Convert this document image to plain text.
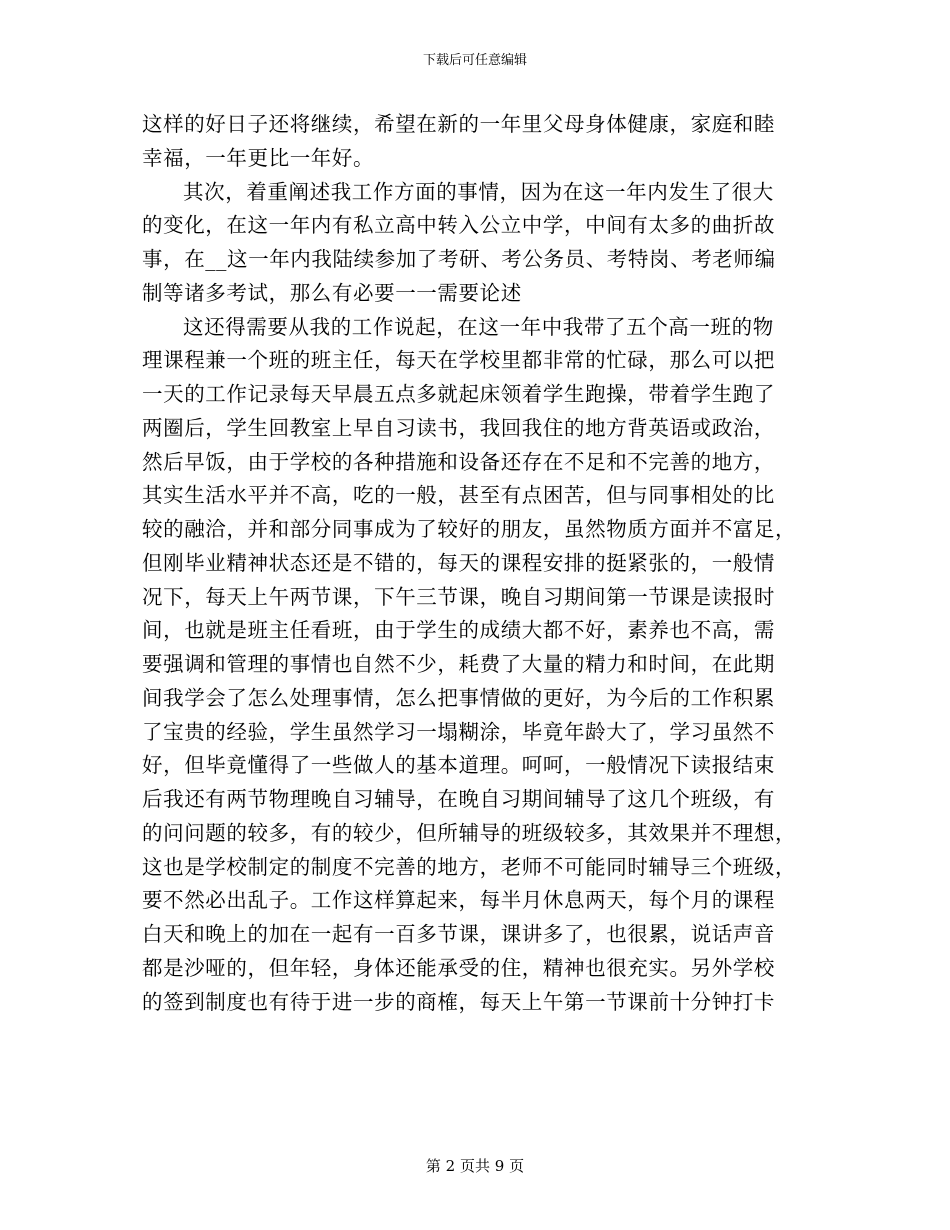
下载后可任意编辑
这样的好日子还将继续，希望在新的一年里父母身体健康，家庭和睦
幸福，一年更比一年好。
其次，着重阐述我工作方面的事情，因为在这一年内发生了很大
的变化，在这一年内有私立高中转入公立中学，中间有太多的曲折故
事，在__这一年内我陆续参加了考研、考公务员、考特岗、考老师编
制等诸多考试，那么有必要一一需要论述
这还得需要从我的工作说起，在这一年中我带了五个高一班的物
理课程兼一个班的班主任，每天在学校里都非常的忙碌，那么可以把
一天的工作记录每天早晨五点多就起床领着学生跑操，带着学生跑了
两圈后，学生回教室上早自习读书，我回我住的地方背英语或政治，
然后早饭，由于学校的各种措施和设备还存在不足和不完善的地方，
其实生活水平并不高，吃的一般，甚至有点困苦，但与同事相处的比
较的融洽，并和部分同事成为了较好的朋友，虽然物质方面并不富足，
但刚毕业精神状态还是不错的，每天的课程安排的挺紧张的，一般情
况下，每天上午两节课，下午三节课，晚自习期间第一节课是读报时
间，也就是班主任看班，由于学生的成绩大都不好，素养也不高，需
要强调和管理的事情也自然不少，耗费了大量的精力和时间，在此期
间我学会了怎么处理事情，怎么把事情做的更好，为今后的工作积累
了宝贵的经验，学生虽然学习一塌糊涂，毕竟年龄大了，学习虽然不
好，但毕竟懂得了一些做人的基本道理。呵呵，一般情况下读报结束
后我还有两节物理晚自习辅导，在晚自习期间辅导了这几个班级，有
的问问题的较多，有的较少，但所辅导的班级较多，其效果并不理想，
这也是学校制定的制度不完善的地方，老师不可能同时辅导三个班级，
要不然必出乱子。工作这样算起来，每半月休息两天，每个月的课程
白天和晚上的加在一起有一百多节课，课讲多了，也很累，说话声音
都是沙哑的，但年轻，身体还能承受的住，精神也很充实。另外学校
的签到制度也有待于进一步的商榷，每天上午第一节课前十分钟打卡
第 2 页共 9 页
